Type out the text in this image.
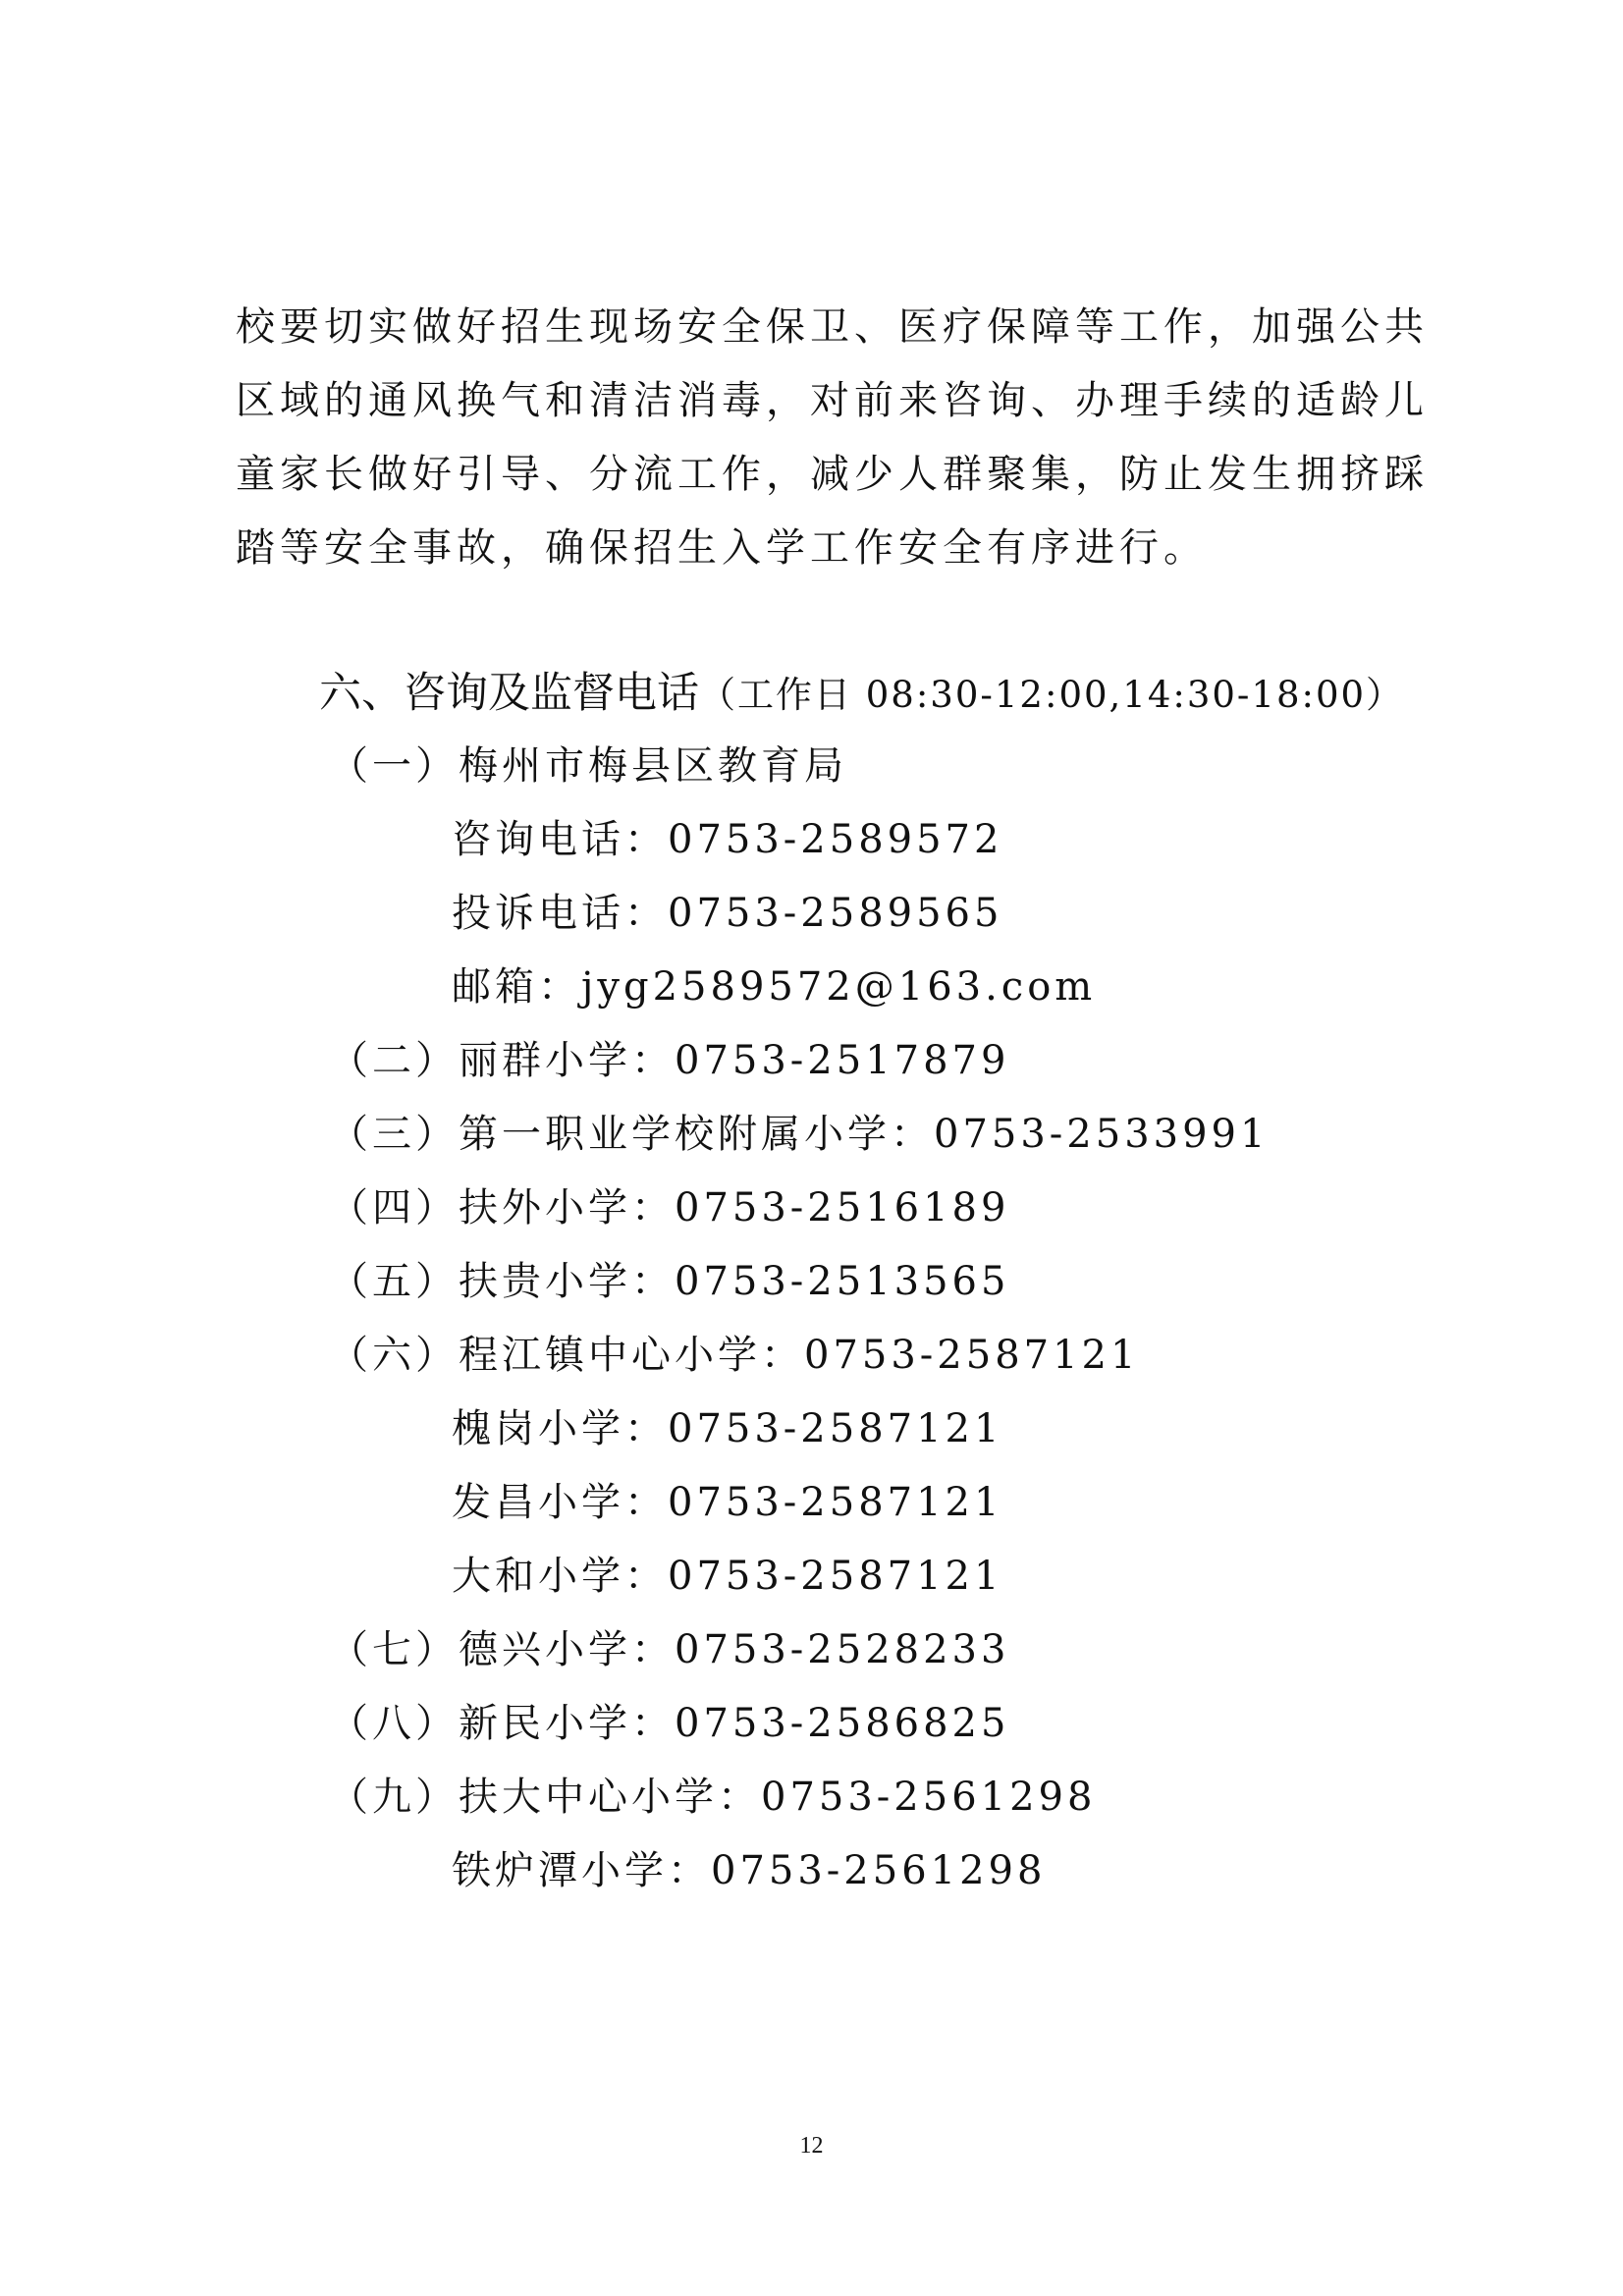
校要切实做好招生现场安全保卫、医疗保障等工作，加强公共
区域的通风换气和清洁消毒，对前来咨询、办理手续的适龄儿
童家长做好引导、分流工作，减少人群聚集，防止发生拥挤踩
踏等安全事故，确保招生入学工作安全有序进行。
六、咨询及监督电话（工作日 08:30-12:00,14:30-18:00）
（一）梅州市梅县区教育局
咨询电话：0753-2589572
投诉电话：0753-2589565
邮箱：jyg2589572@163.com
（二）丽群小学：0753-2517879
（三）第一职业学校附属小学：0753-2533991
（四）扶外小学：0753-2516189
（五）扶贵小学：0753-2513565
（六）程江镇中心小学：0753-2587121
槐岗小学：0753-2587121
发昌小学：0753-2587121
大和小学：0753-2587121
（七）德兴小学：0753-2528233
（八）新民小学：0753-2586825
（九）扶大中心小学：0753-2561298
铁炉潭小学：0753-2561298
12
